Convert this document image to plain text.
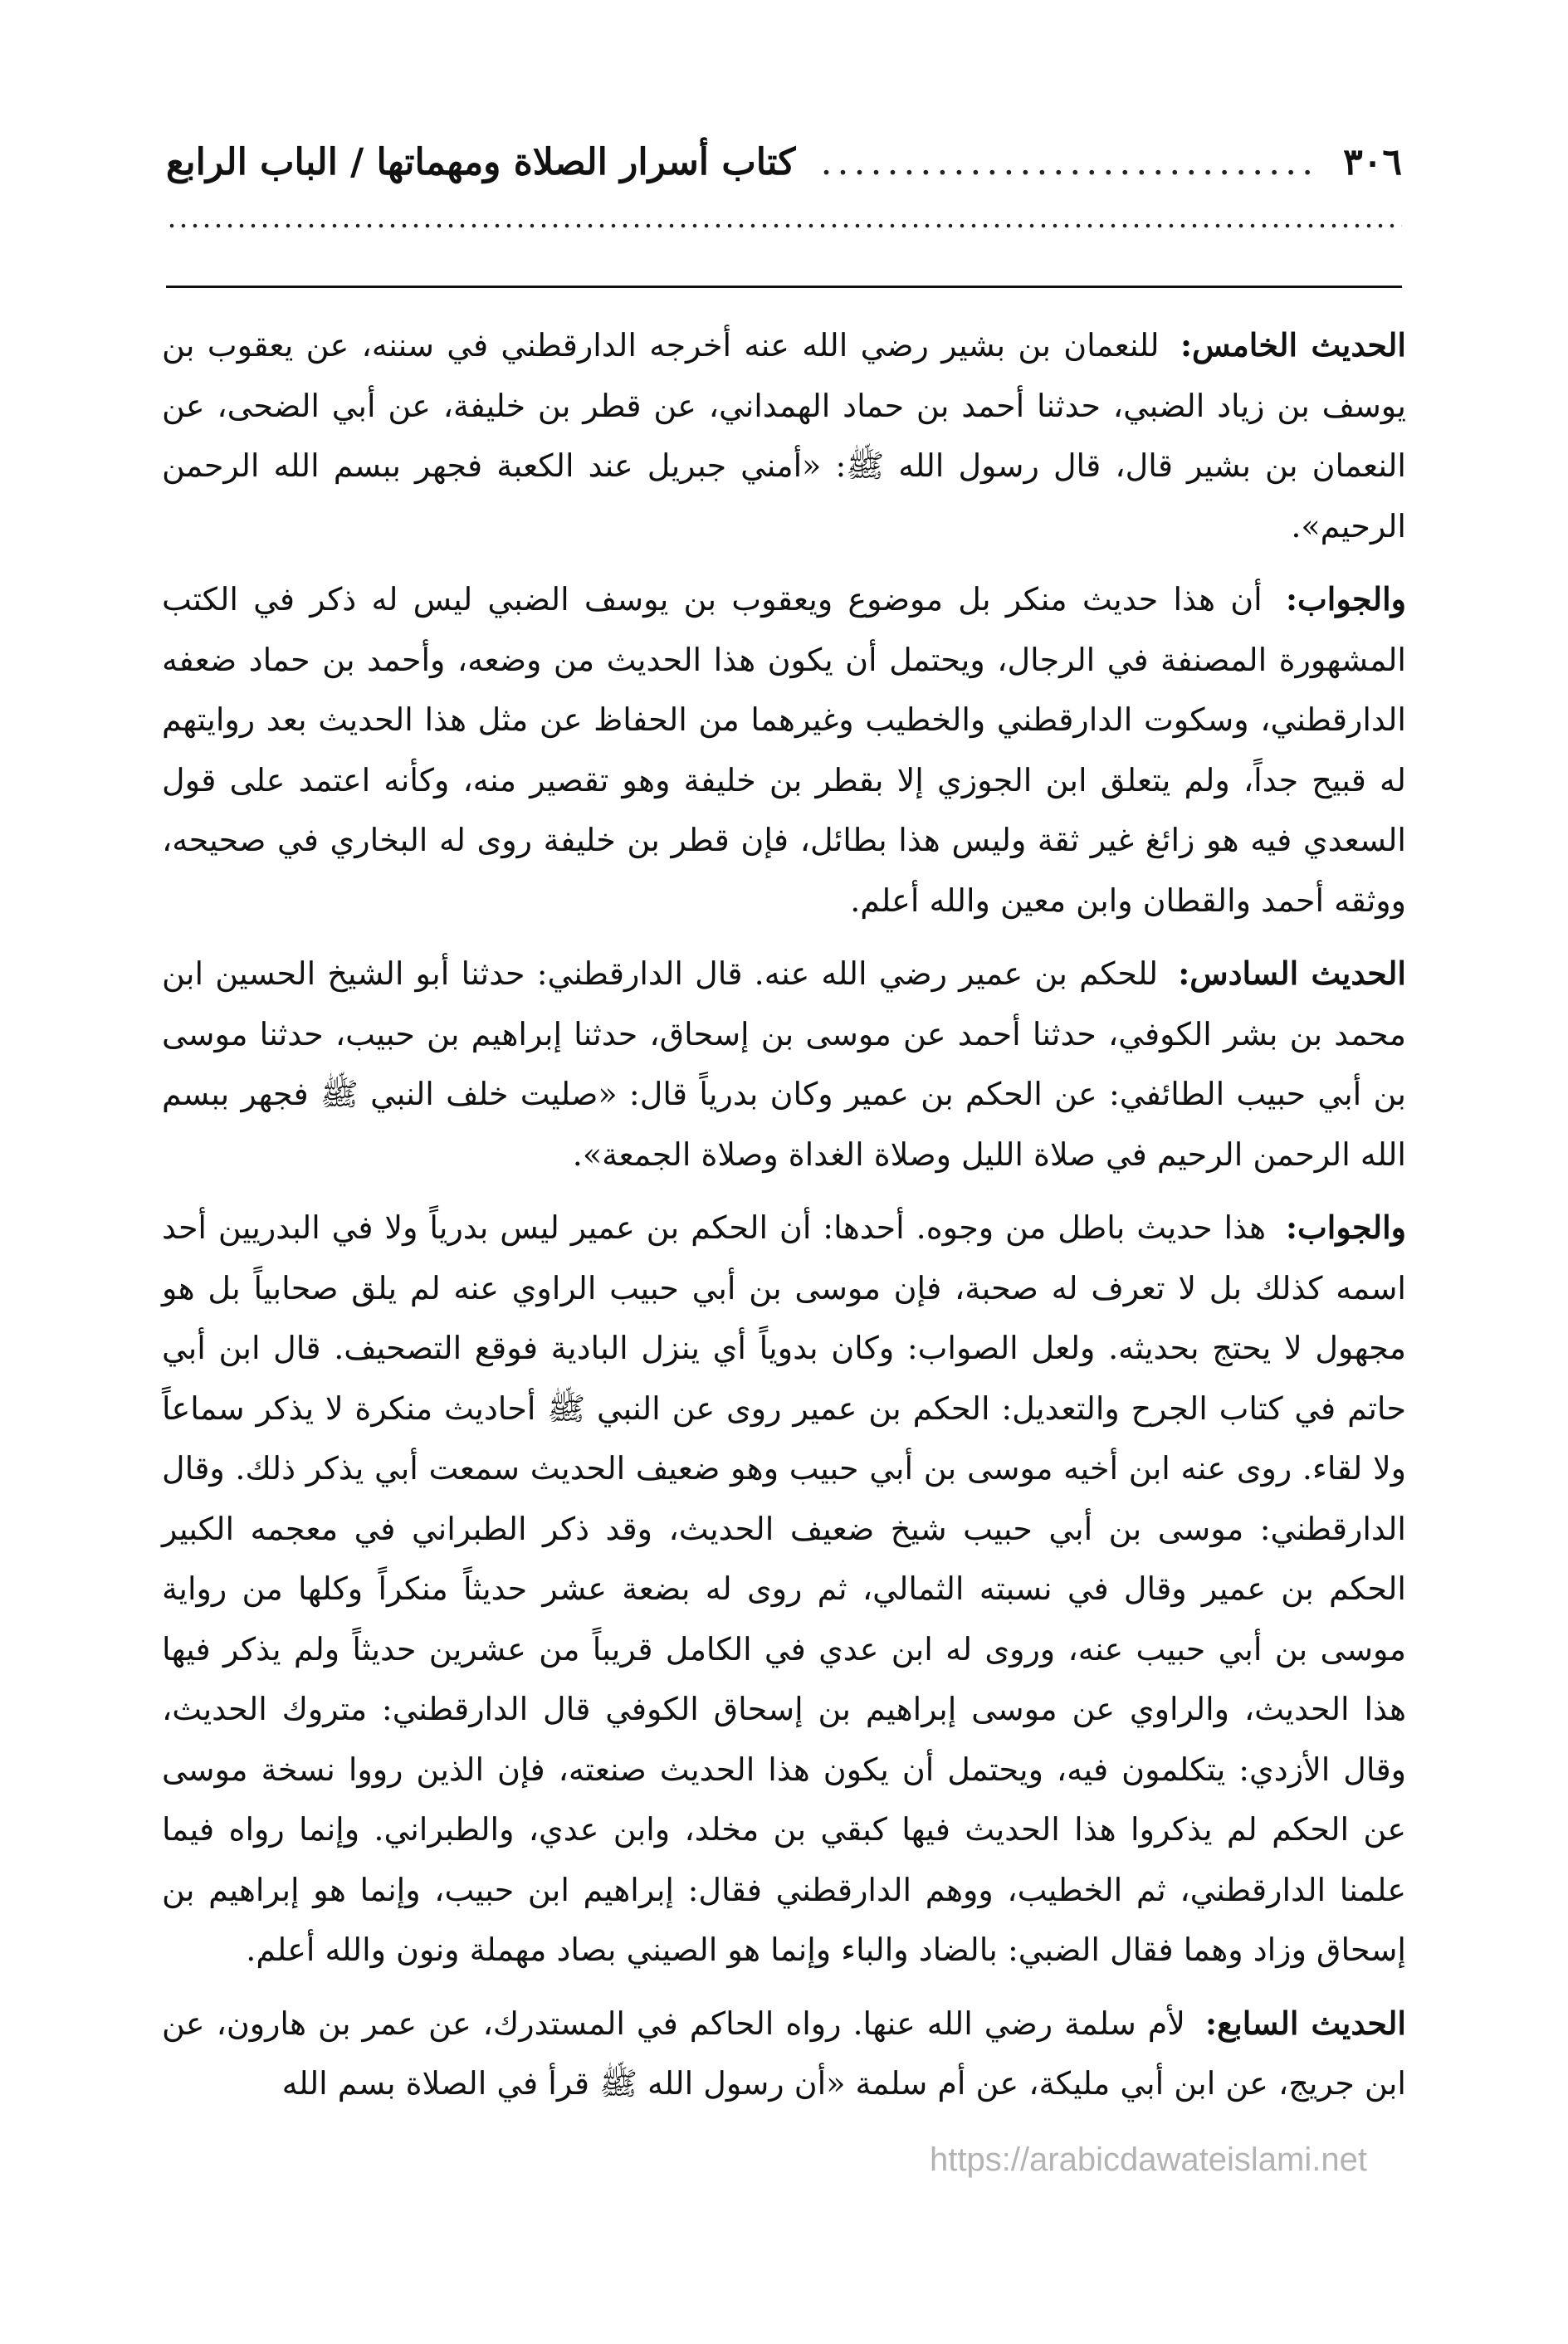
٣٠٦
..............................
كتاب أسرار الصلاة ومهماتها / الباب الرابع

الحديث الخامس: للنعمان بن بشير رضي الله عنه أخرجه الدارقطني في سننه، عن يعقوب بن يوسف بن زياد الضبي، حدثنا أحمد بن حماد الهمداني، عن قطر بن خليفة، عن أبي الضحى، عن النعمان بن بشير قال، قال رسول الله ﷺ: «أمني جبريل عند الكعبة فجهر ببسم الله الرحمن الرحيم».

والجواب: أن هذا حديث منكر بل موضوع ويعقوب بن يوسف الضبي ليس له ذكر في الكتب المشهورة المصنفة في الرجال، ويحتمل أن يكون هذا الحديث من وضعه، وأحمد بن حماد ضعفه الدارقطني، وسكوت الدارقطني والخطيب وغيرهما من الحفاظ عن مثل هذا الحديث بعد روايتهم له قبيح جداً، ولم يتعلق ابن الجوزي إلا بقطر بن خليفة وهو تقصير منه، وكأنه اعتمد على قول السعدي فيه هو زائغ غير ثقة وليس هذا بطائل، فإن قطر بن خليفة روى له البخاري في صحيحه، ووثقه أحمد والقطان وابن معين والله أعلم.

الحديث السادس: للحكم بن عمير رضي الله عنه. قال الدارقطني: حدثنا أبو الشيخ الحسين ابن محمد بن بشر الكوفي، حدثنا أحمد عن موسى بن إسحاق، حدثنا إبراهيم بن حبيب، حدثنا موسى بن أبي حبيب الطائفي: عن الحكم بن عمير وكان بدرياً قال: «صليت خلف النبي ﷺ فجهر ببسم الله الرحمن الرحيم في صلاة الليل وصلاة الغداة وصلاة الجمعة».

والجواب: هذا حديث باطل من وجوه. أحدها: أن الحكم بن عمير ليس بدرياً ولا في البدريين أحد اسمه كذلك بل لا تعرف له صحبة، فإن موسى بن أبي حبيب الراوي عنه لم يلق صحابياً بل هو مجهول لا يحتج بحديثه. ولعل الصواب: وكان بدوياً أي ينزل البادية فوقع التصحيف. قال ابن أبي حاتم في كتاب الجرح والتعديل: الحكم بن عمير روى عن النبي ﷺ أحاديث منكرة لا يذكر سماعاً ولا لقاء. روى عنه ابن أخيه موسى بن أبي حبيب وهو ضعيف الحديث سمعت أبي يذكر ذلك. وقال الدارقطني: موسى بن أبي حبيب شيخ ضعيف الحديث، وقد ذكر الطبراني في معجمه الكبير الحكم بن عمير وقال في نسبته الثمالي، ثم روى له بضعة عشر حديثاً منكراً وكلها من رواية موسى بن أبي حبيب عنه، وروى له ابن عدي في الكامل قريباً من عشرين حديثاً ولم يذكر فيها هذا الحديث، والراوي عن موسى إبراهيم بن إسحاق الكوفي قال الدارقطني: متروك الحديث، وقال الأزدي: يتكلمون فيه، ويحتمل أن يكون هذا الحديث صنعته، فإن الذين رووا نسخة موسى عن الحكم لم يذكروا هذا الحديث فيها كبقي بن مخلد، وابن عدي، والطبراني. وإنما رواه فيما علمنا الدارقطني، ثم الخطيب، ووهم الدارقطني فقال: إبراهيم ابن حبيب، وإنما هو إبراهيم بن إسحاق وزاد وهما فقال الضبي: بالضاد والباء وإنما هو الصيني بصاد مهملة ونون والله أعلم.

الحديث السابع: لأم سلمة رضي الله عنها. رواه الحاكم في المستدرك، عن عمر بن هارون، عن ابن جريج، عن ابن أبي مليكة، عن أم سلمة «أن رسول الله ﷺ قرأ في الصلاة بسم الله

https://arabicdawateislami.net
